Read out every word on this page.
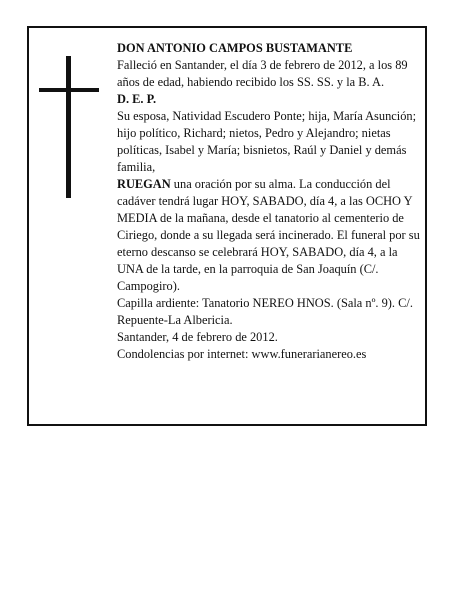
DON ANTONIO CAMPOS BUSTAMANTE

Falleció en Santander, el día 3 de febrero de 2012, a los 89 años de edad, habiendo recibido los SS. SS. y la B. A.

D. E. P.

Su esposa, Natividad Escudero Ponte; hija, María Asunción; hijo político, Richard; nietos, Pedro y Alejandro; nietas políticas, Isabel y María; bisnietos, Raúl y Daniel y demás familia,

RUEGAN una oración por su alma. La conducción del cadáver tendrá lugar HOY, SABADO, día 4, a las OCHO Y MEDIA de la mañana, desde el tanatorio al cementerio de Ciriego, donde a su llegada será incinerado. El funeral por su eterno descanso se celebrará HOY, SABADO, día 4, a la UNA de la tarde, en la parroquia de San Joaquín (C/. Campogiro).

Capilla ardiente: Tanatorio NEREO HNOS. (Sala nº. 9). C/. Repuente-La Albericia.

Santander, 4 de febrero de 2012.

Condolencias por internet: www.funerarianereo.es
